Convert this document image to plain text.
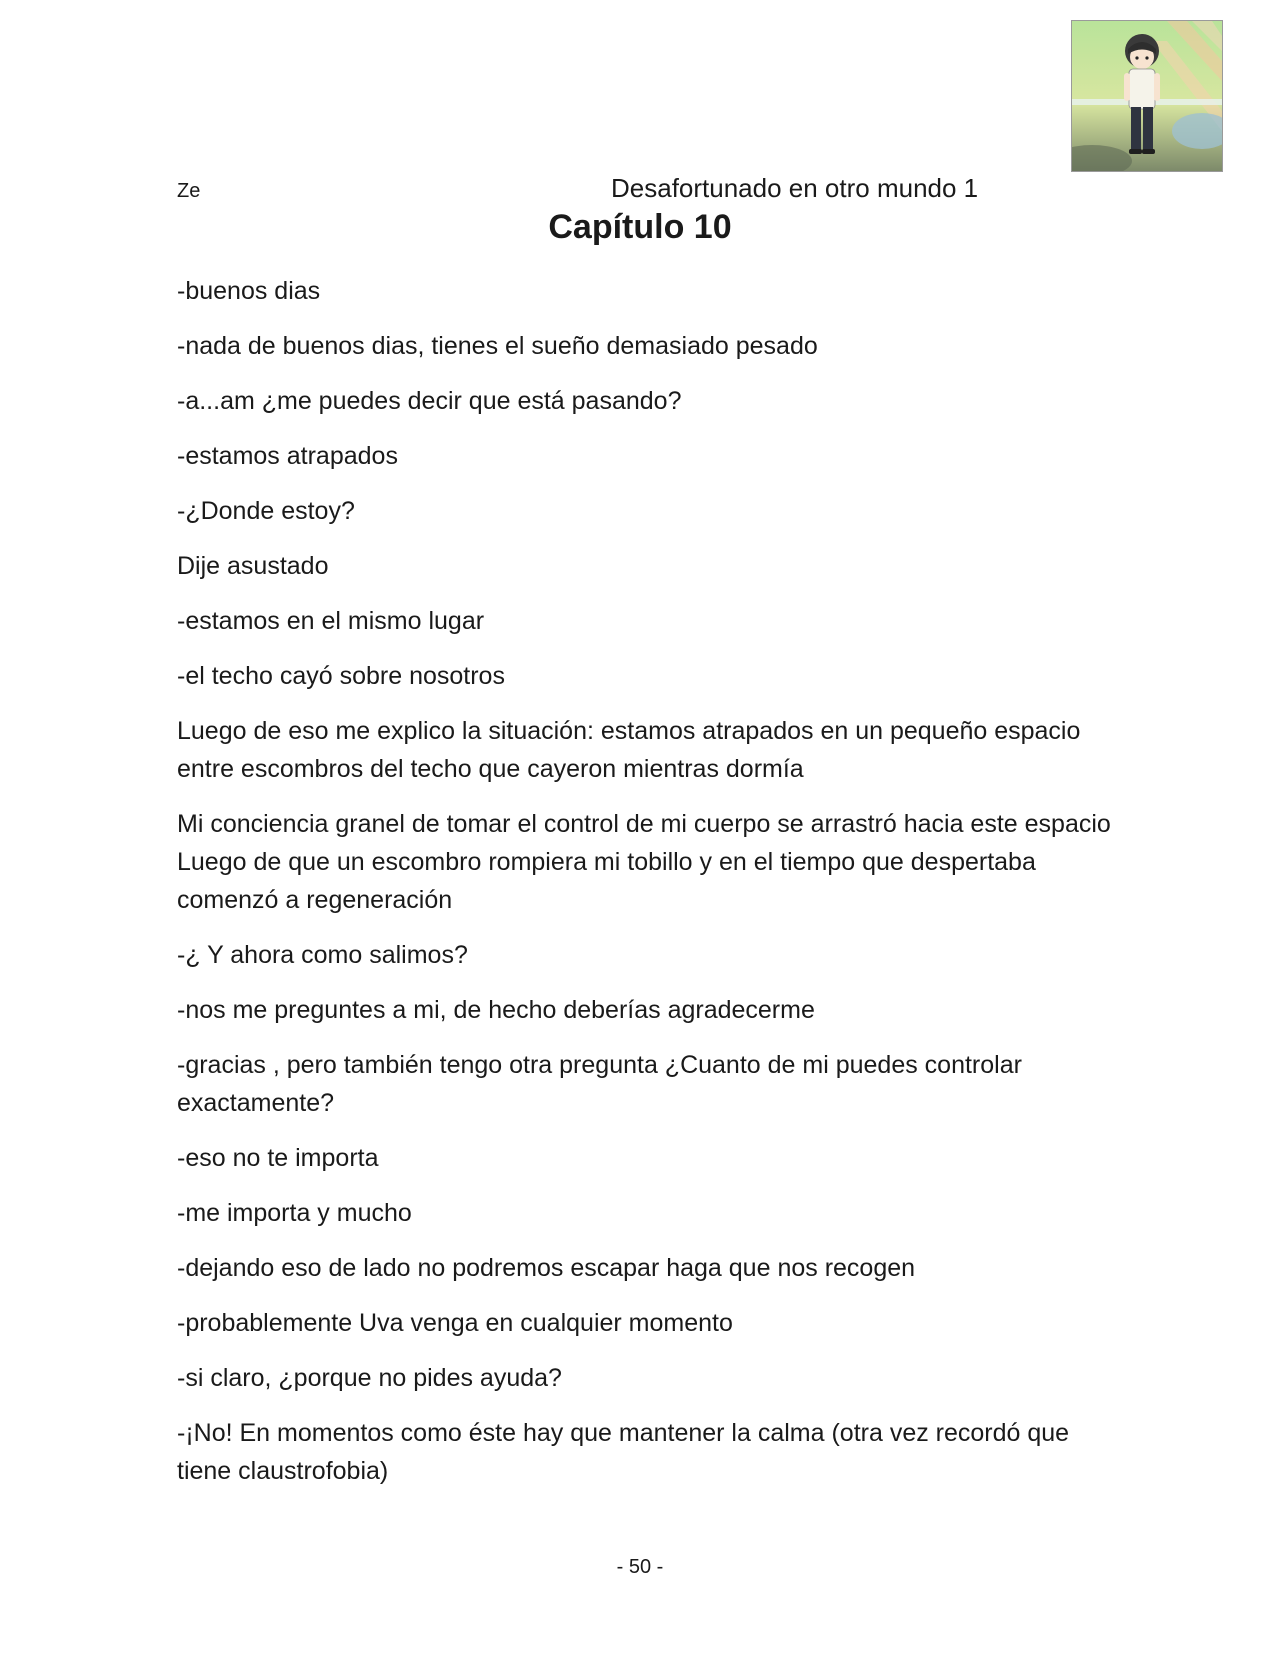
Ze	Desafortunado en otro mundo 1
Capítulo 10

-buenos dias

-nada de buenos dias, tienes el sueño demasiado pesado

-a...am ¿me puedes decir que está pasando?

-estamos atrapados

-¿Donde estoy?

Dije asustado

-estamos en el mismo lugar

-el techo cayó sobre nosotros

Luego de eso me explico la situación: estamos atrapados en un pequeño espacio entre escombros del techo que cayeron mientras dormía

Mi conciencia granel de tomar el control de mi cuerpo se arrastró hacia este espacio Luego de que un escombro rompiera mi tobillo y en el tiempo que despertaba comenzó a regeneración

-¿ Y ahora como salimos?

-nos me preguntes a mi, de hecho deberías agradecerme

-gracias , pero también tengo otra pregunta ¿Cuanto de mi puedes controlar exactamente?

-eso no te importa

-me importa y mucho

-dejando eso de lado no podremos escapar haga que nos recogen

-probablemente Uva venga en cualquier momento

-si claro, ¿porque no pides ayuda?

-¡No! En momentos como éste hay que mantener la calma (otra vez recordó que tiene claustrofobia)

- 50 -
